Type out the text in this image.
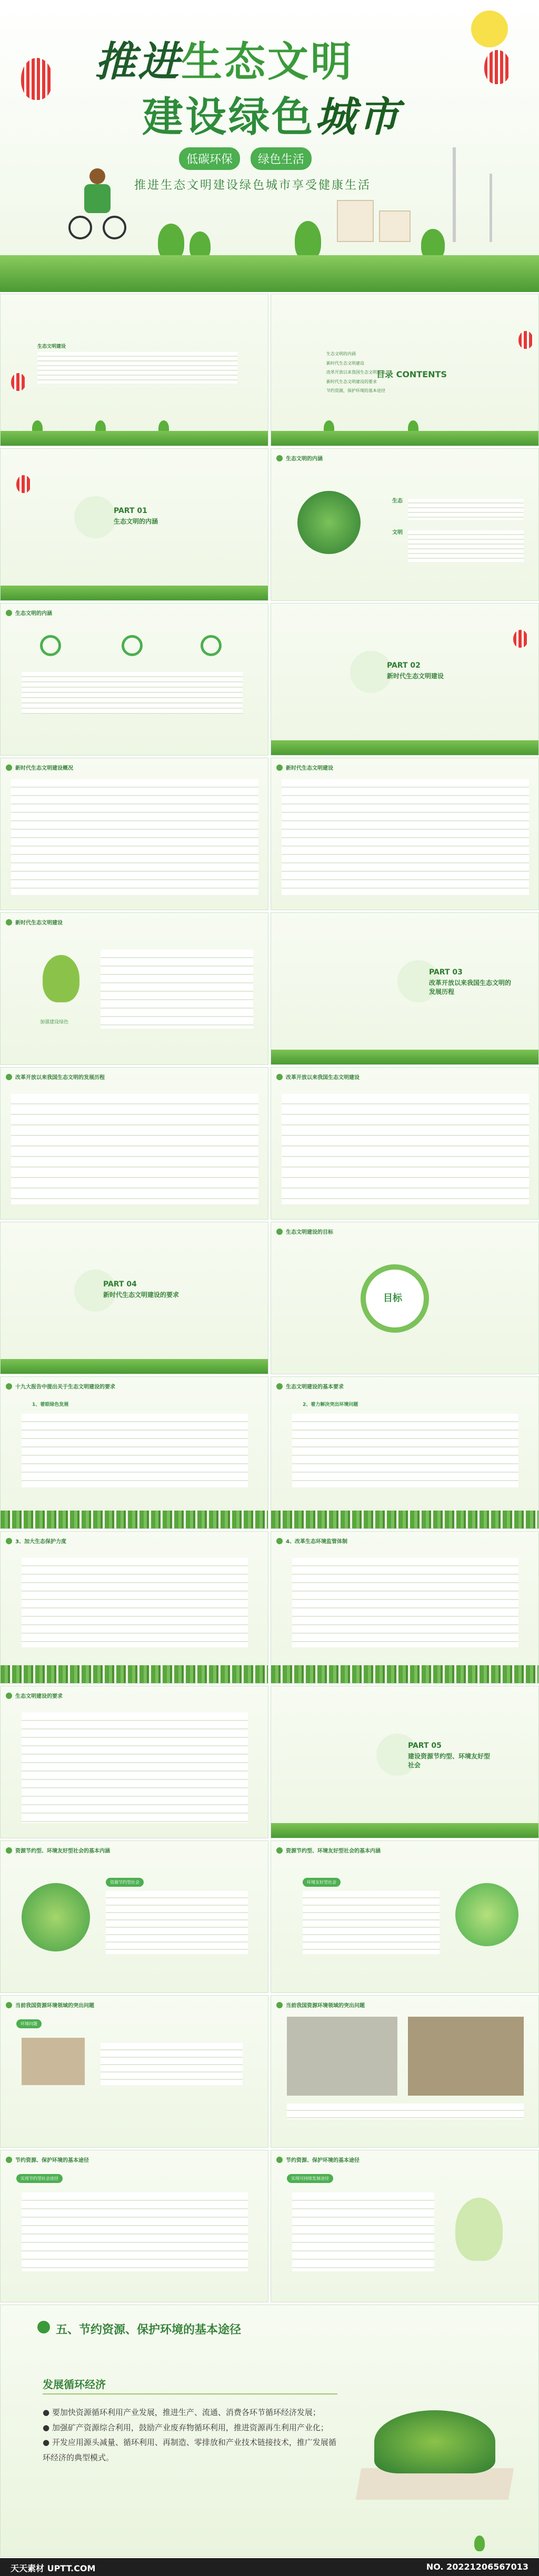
推进生态文明
建设绿色城市
低碳环保	绿色生活
推进生态文明建设绿色城市享受健康生活
生态文明建设
目录 CONTENTS
生态文明的内涵
新时代生态文明建设
改革开放以来我国生态文明建设
新时代生态文明建设的要求
节约资源，保护环境的基本途径
PART 01
生态文明的内涵
生态文明的内涵
生态
文明
生态文明的内涵
PART 02
新时代生态文明建设
新时代生态文明建设概况	新时代生态文明建设
新时代生态文明建设
加强建设绿色
PART 03
改革开放以来我国生态文明的发展历程
改革开放以来我国生态文明的发展历程	改革开放以来我国生态文明建设
PART 04
新时代生态文明建设的要求
生态文明建设的目标
目标
十九大报告中提出关于生态文明建设的要求
1、着眼绿色发展
生态文明建设的基本要求
2、着力解决突出环境问题
3、加大生态保护力度	4、改革生态环境监管体制
生态文明建设的要求
PART 05
建设资源节约型、环境友好型社会
资源节约型、环境友好型社会的基本内涵
资源节约型社会
资源节约型、环境友好型社会的基本内涵
环境友好型社会
当前我国资源环境领域的突出问题
环境问题
当前我国资源环境领域的突出问题
节约资源、保护环境的基本途径
实现节约型社会途径
节约资源、保护环境的基本途径
实现可持续发展途径
五、节约资源、保护环境的基本途径
发展循环经济
● 要加快资源循环利用产业发展，推进生产、流通、消费各环节循环经济发展；
● 加强矿产资源综合利用，鼓励产业废弃物循环利用，推进资源再生利用产业化；
● 开发应用源头减量、循环利用、再制造、零排放和产业技术链接技术，推广发展循环经济的典型模式。
天天素材 UPTT.COM	NO. 20221206567013
